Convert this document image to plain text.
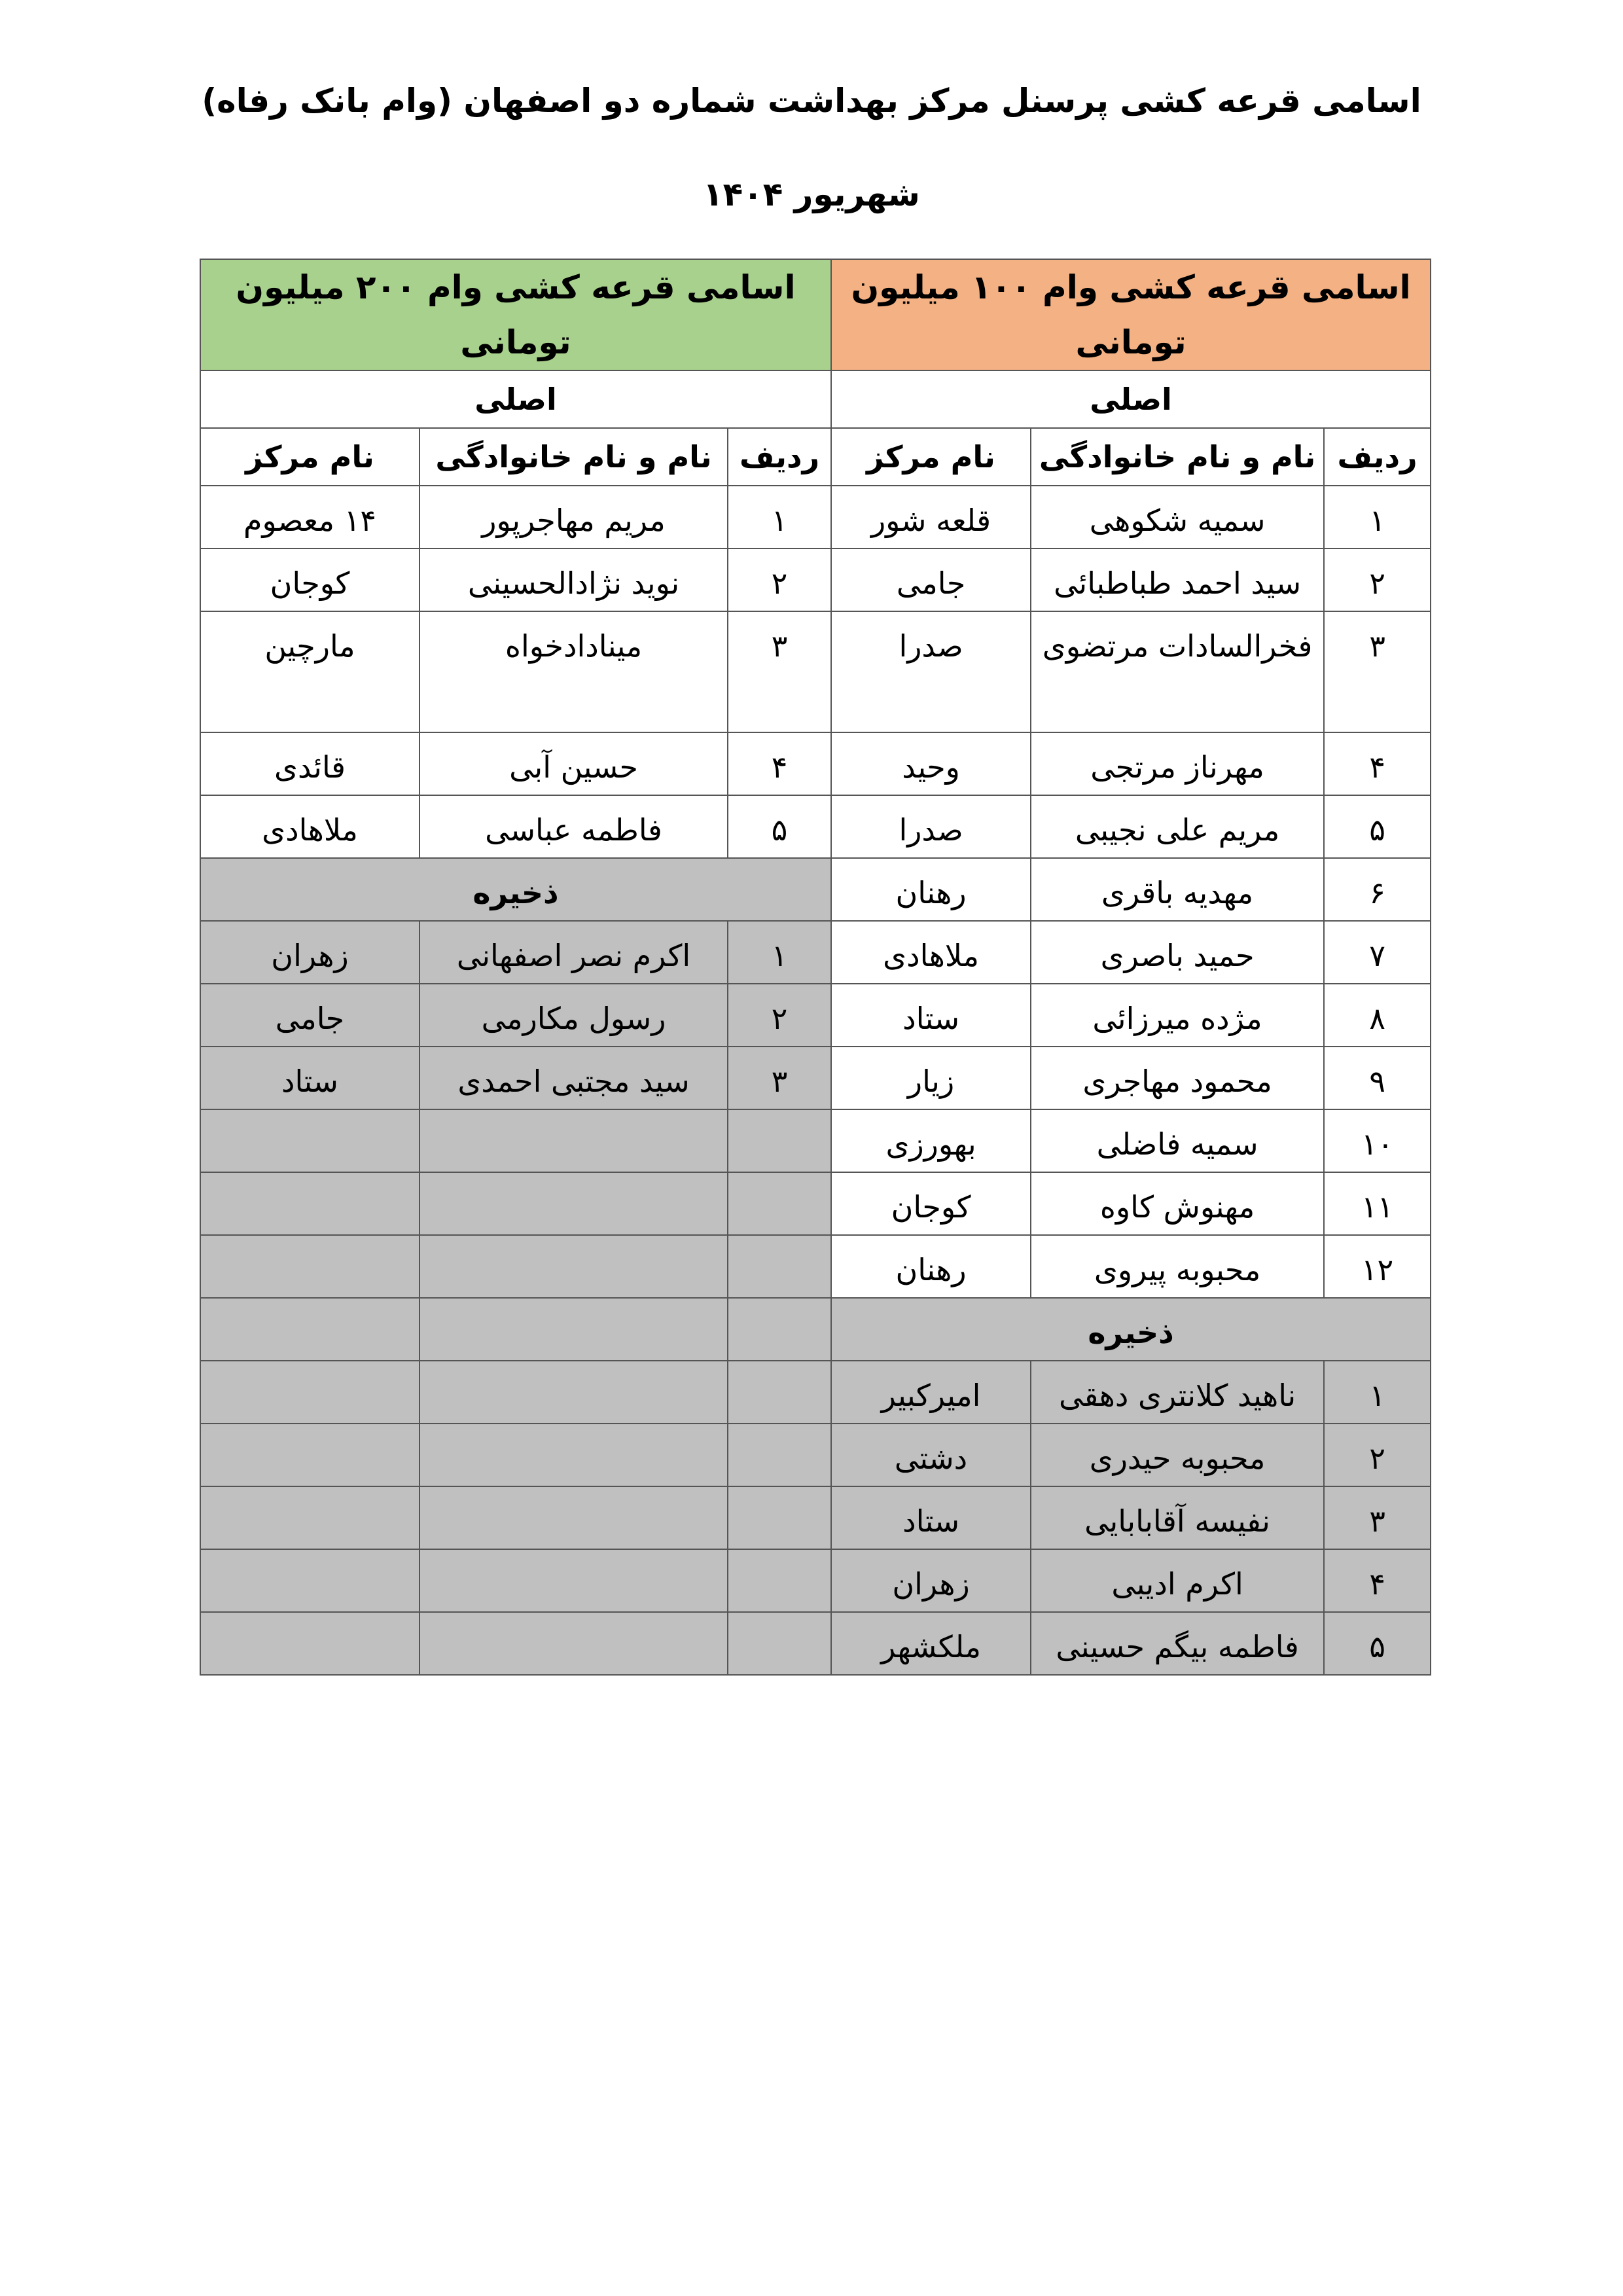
اسامی قرعه کشی پرسنل مرکز بهداشت شماره دو اصفهان (وام بانک رفاه)
شهریور ۱۴۰۴
اسامی قرعه کشی وام ۱۰۰ میلیون تومانی			اسامی قرعه کشی وام ۲۰۰ میلیون تومانی		
اصلی			اصلی		
ردیف	نام و نام خانوادگی	نام مرکز	ردیف	نام و نام خانوادگی	نام مرکز
۱	سمیه شکوهی	قلعه شور	۱	مریم مهاجرپور	۱۴ معصوم
۲	سید احمد طباطبائی	جامی	۲	نوید نژادالحسینی	کوجان
۳	فخرالسادات مرتضوی	صدرا	۳	مینادادخواه	مارچین
۴	مهرناز مرتجی	وحید	۴	حسین آبی	قائدی
۵	مریم علی نجیبی	صدرا	۵	فاطمه عباسی	ملاهادی
۶	مهدیه باقری	رهنان	ذخیره		
۷	حمید باصری	ملاهادی	۱	اکرم نصر اصفهانی	زهران
۸	مژده میرزائی	ستاد	۲	رسول مکارمی	جامی
۹	محمود مهاجری	زیار	۳	سید مجتبی احمدی	ستاد
۱۰	سمیه فاضلی	بهورزی			
۱۱	مهنوش کاوه	کوجان			
۱۲	محبوبه پیروی	رهنان			
ذخیره					
۱	ناهید کلانتری دهقی	امیرکبیر			
۲	محبوبه حیدری	دشتی			
۳	نفیسه آقابابایی	ستاد			
۴	اکرم ادیبی	زهران			
۵	فاطمه بیگم حسینی	ملکشهر			
